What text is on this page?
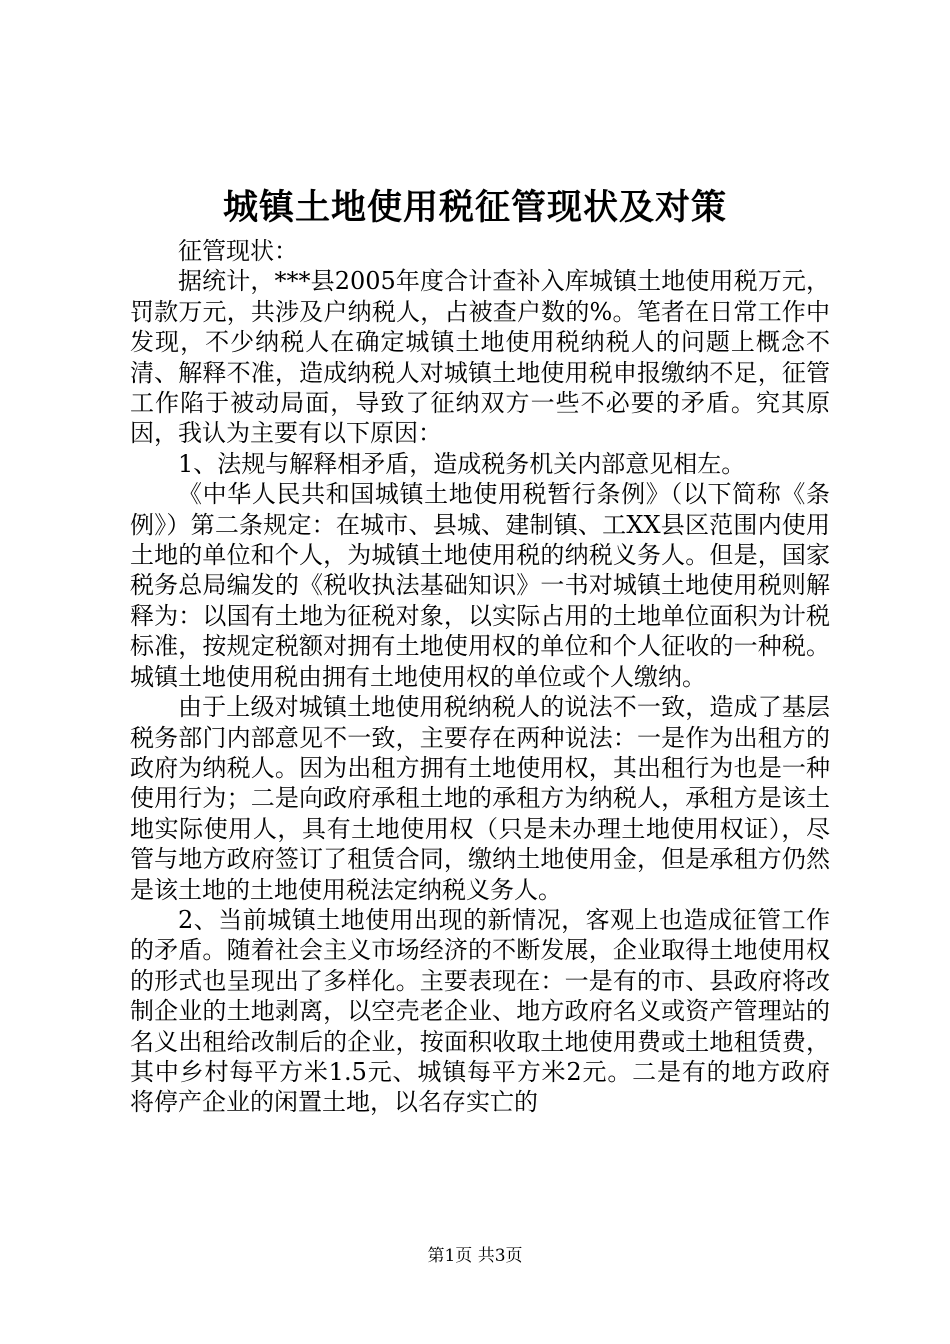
城镇土地使用税征管现状及对策

征管现状：

据统计，***县2005年度合计查补入库城镇土地使用税万元，罚款万元，共涉及户纳税人，占被查户数的%。笔者在日常工作中发现，不少纳税人在确定城镇土地使用税纳税人的问题上概念不清、解释不准，造成纳税人对城镇土地使用税申报缴纳不足，征管工作陷于被动局面，导致了征纳双方一些不必要的矛盾。究其原因，我认为主要有以下原因：

1、法规与解释相矛盾，造成税务机关内部意见相左。

《中华人民共和国城镇土地使用税暂行条例》（以下简称《条例》）第二条规定：在城市、县城、建制镇、工XX县区范围内使用土地的单位和个人，为城镇土地使用税的纳税义务人。但是，国家税务总局编发的《税收执法基础知识》一书对城镇土地使用税则解释为：以国有土地为征税对象，以实际占用的土地单位面积为计税标准，按规定税额对拥有土地使用权的单位和个人征收的一种税。城镇土地使用税由拥有土地使用权的单位或个人缴纳。

由于上级对城镇土地使用税纳税人的说法不一致，造成了基层税务部门内部意见不一致，主要存在两种说法：一是作为出租方的政府为纳税人。因为出租方拥有土地使用权，其出租行为也是一种使用行为；二是向政府承租土地的承租方为纳税人，承租方是该土地实际使用人，具有土地使用权（只是未办理土地使用权证），尽管与地方政府签订了租赁合同，缴纳土地使用金，但是承租方仍然是该土地的土地使用税法定纳税义务人。

2、当前城镇土地使用出现的新情况，客观上也造成征管工作的矛盾。随着社会主义市场经济的不断发展，企业取得土地使用权的形式也呈现出了多样化。主要表现在：一是有的市、县政府将改制企业的土地剥离，以空壳老企业、地方政府名义或资产管理站的名义出租给改制后的企业，按面积收取土地使用费或土地租赁费，其中乡村每平方米1.5元、城镇每平方米2元。二是有的地方政府将停产企业的闲置土地，以名存实亡的

第1页 共3页
